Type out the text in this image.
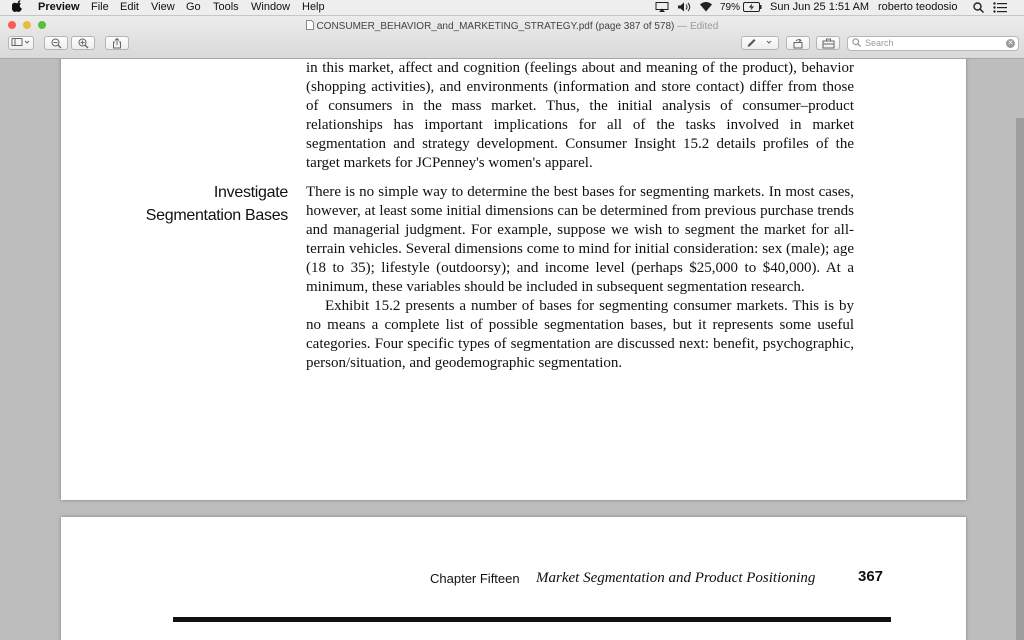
Preview File Edit View Go Tools Window Help	79%	Sun Jun 25 1:51 AM roberto teodosio
CONSUMER_BEHAVIOR_and_MARKETING_STRATEGY.pdf (page 387 of 578) — Edited
Search	✕

in this market, affect and cognition (feelings about and meaning of the product), behavior (shopping activities), and environments (information and store contact) differ from those of consumers in the mass market. Thus, the initial analysis of consumer–product relationships has important implications for all of the tasks involved in market segmentation and strategy development. Consumer Insight 15.2 details profiles of the target markets for JCPenney's women's apparel.

Investigate
Segmentation Bases

There is no simple way to determine the best bases for segmenting markets. In most cases, however, at least some initial dimensions can be determined from previous purchase trends and managerial judgment. For example, suppose we wish to segment the market for all-terrain vehicles. Several dimensions come to mind for initial consideration: sex (male); age (18 to 35); lifestyle (outdoorsy); and income level (perhaps $25,000 to $40,000). At a minimum, these variables should be included in subsequent segmentation research.

Exhibit 15.2 presents a number of bases for segmenting consumer markets. This is by no means a complete list of possible segmentation bases, but it represents some useful categories. Four specific types of segmentation are discussed next: benefit, psychographic, person/situation, and geodemographic segmentation.

Chapter Fifteen Market Segmentation and Product Positioning	367
